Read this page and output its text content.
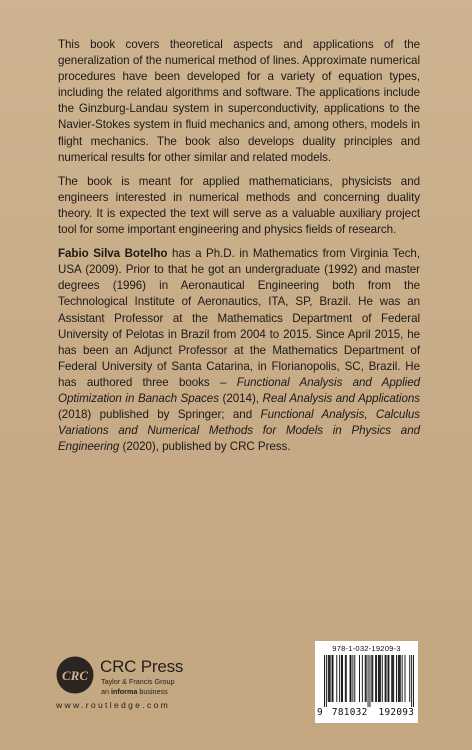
This book covers theoretical aspects and applications of the generalization of the numerical method of lines. Approximate numerical procedures have been developed for a variety of equation types, including the related algorithms and software. The applications include the Ginzburg-Landau system in superconductivity, applications to the Navier-Stokes system in fluid mechanics and, among others, models in flight mechanics. The book also develops duality principles and numerical results for other similar and related models.

The book is meant for applied mathematicians, physicists and engineers interested in numerical methods and concerning duality theory. It is expected the text will serve as a valuable auxiliary project tool for some important engineering and physics fields of research.

Fabio Silva Botelho has a Ph.D. in Mathematics from Virginia Tech, USA (2009). Prior to that he got an undergraduate (1992) and master degrees (1996) in Aeronautical Engineering both from the Technological Institute of Aeronautics, ITA, SP, Brazil. He was an Assistant Professor at the Mathematics Department of Federal University of Pelotas in Brazil from 2004 to 2015. Since April 2015, he has been an Adjunct Professor at the Mathematics Department of Federal University of Santa Catarina, in Florianopolis, SC, Brazil. He has authored three books – Functional Analysis and Applied Optimization in Banach Spaces (2014), Real Analysis and Applications (2018) published by Springer; and Functional Analysis, Calculus Variations and Numerical Methods for Models in Physics and Engineering (2020), published by CRC Press.

CRC CRC Press
Taylor & Francis Group
an informa business
www.routledge.com
978-1-032-19209-3
9 781032 192093
